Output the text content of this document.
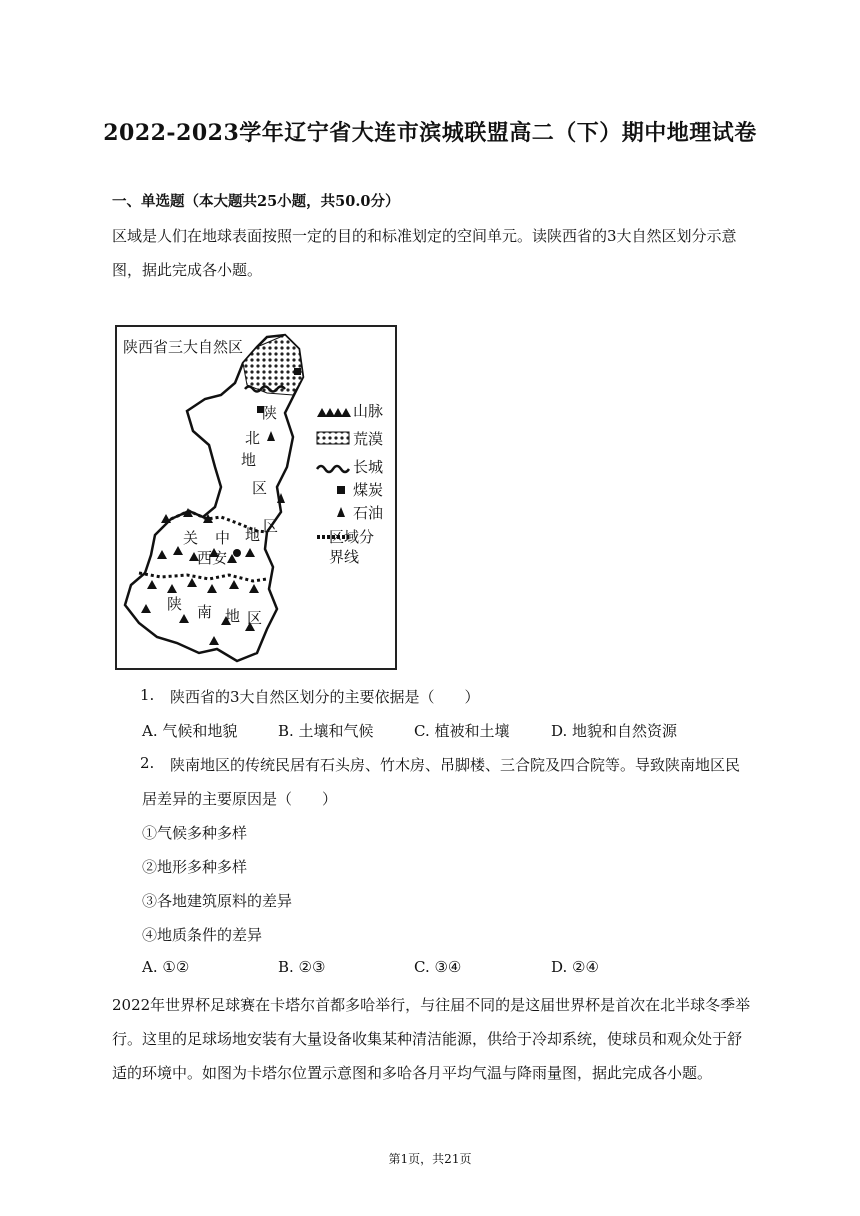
2022-2023学年辽宁省大连市滨城联盟高二（下）期中地理试卷
一、单选题（本大题共25小题，共50.0分）
区域是人们在地球表面按照一定的目的和标准划定的空间单元。读陕西省的3大自然区划分示意
图，据此完成各小题。
陕西省三大自然区
陕
北
地
区
关 中 地 区
西安
陕 南 地 区
山脉
荒漠
长城
煤炭
石油
区域分
界线
1. 陕西省的3大自然区划分的主要依据是（　　）
A. 气候和地貌	B. 土壤和气候	C. 植被和土壤	D. 地貌和自然资源
2. 陕南地区的传统民居有石头房、竹木房、吊脚楼、三合院及四合院等。导致陕南地区民
居差异的主要原因是（　　）
①气候多种多样
②地形多种多样
③各地建筑原料的差异
④地质条件的差异
A. ①②	B. ②③	C. ③④	D. ②④
2022年世界杯足球赛在卡塔尔首都多哈举行，与往届不同的是这届世界杯是首次在北半球冬季举
行。这里的足球场地安装有大量设备收集某种清洁能源，供给于冷却系统，使球员和观众处于舒
适的环境中。如图为卡塔尔位置示意图和多哈各月平均气温与降雨量图，据此完成各小题。
第1页，共21页
